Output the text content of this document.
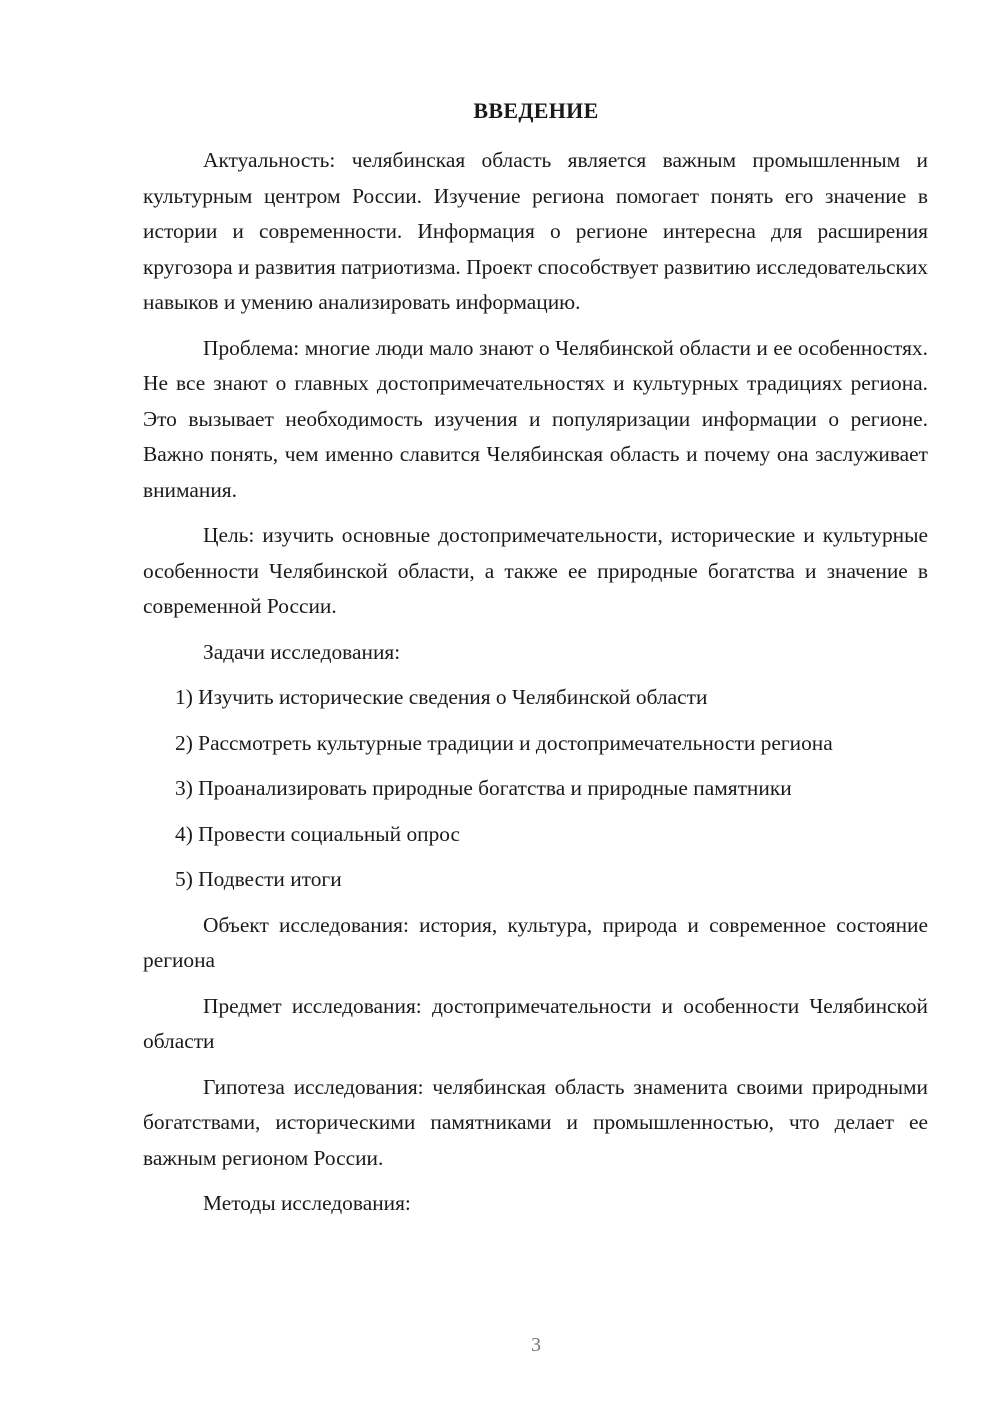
ВВЕДЕНИЕ

Актуальность: челябинская область является важным промышленным и культурным центром России. Изучение региона помогает понять его значение в истории и современности. Информация о регионе интересна для расширения кругозора и развития патриотизма. Проект способствует развитию исследовательских навыков и умению анализировать информацию.

Проблема: многие люди мало знают о Челябинской области и ее особенностях. Не все знают о главных достопримечательностях и культурных традициях региона. Это вызывает необходимость изучения и популяризации информации о регионе. Важно понять, чем именно славится Челябинская область и почему она заслуживает внимания.

Цель: изучить основные достопримечательности, исторические и культурные особенности Челябинской области, а также ее природные богатства и значение в современной России.

Задачи исследования:

1) Изучить исторические сведения о Челябинской области

2) Рассмотреть культурные традиции и достопримечательности региона

3) Проанализировать природные богатства и природные памятники

4) Провести социальный опрос

5) Подвести итоги

Объект исследования: история, культура, природа и современное состояние региона

Предмет исследования: достопримечательности и особенности Челябинской области

Гипотеза исследования: челябинская область знаменита своими природными богатствами, историческими памятниками и промышленностью, что делает ее важным регионом России.

Методы исследования:

3
